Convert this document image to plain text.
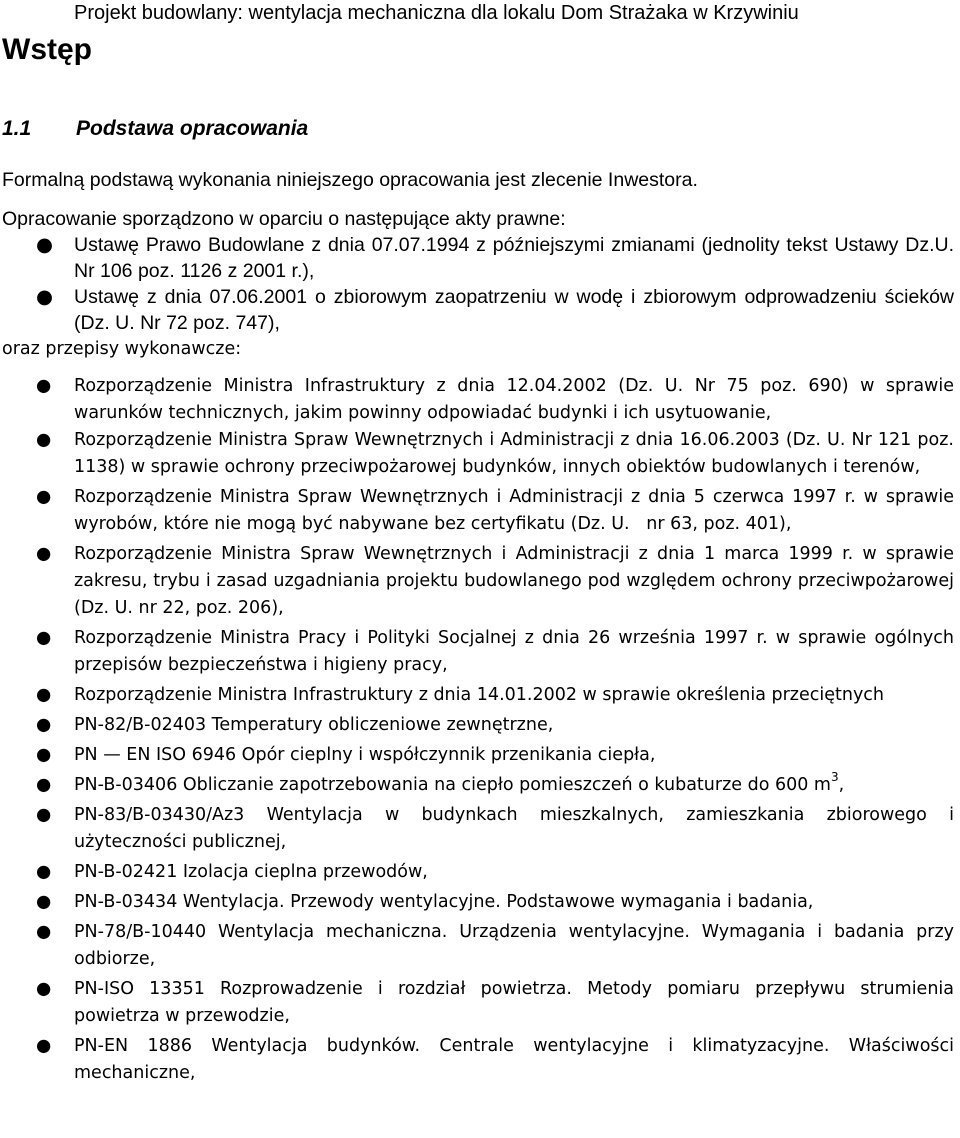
Projekt budowlany: wentylacja mechaniczna dla lokalu Dom Strażaka w Krzywiniu
Wstęp
1.1 Podstawa opracowania

Formalną podstawą wykonania niniejszego opracowania jest zlecenie Inwestora.

Opracowanie sporządzono w oparciu o następujące akty prawne:

● Ustawę Prawo Budowlane z dnia 07.07.1994 z późniejszymi zmianami (jednolity tekst Ustawy Dz.U. Nr 106 poz. 1126 z 2001 r.),
● Ustawę z dnia 07.06.2001 o zbiorowym zaopatrzeniu w wodę i zbiorowym odprowadzeniu ścieków (Dz. U. Nr 72 poz. 747),

oraz przepisy wykonawcze:

● Rozporządzenie Ministra Infrastruktury z dnia 12.04.2002 (Dz. U. Nr 75 poz. 690) w sprawie warunków technicznych, jakim powinny odpowiadać budynki i ich usytuowanie,
● Rozporządzenie Ministra Spraw Wewnętrznych i Administracji z dnia 16.06.2003 (Dz. U. Nr 121 poz. 1138) w sprawie ochrony przeciwpożarowej budynków, innych obiektów budowlanych i terenów,
● Rozporządzenie Ministra Spraw Wewnętrznych i Administracji z dnia 5 czerwca 1997 r. w sprawie wyrobów, które nie mogą być nabywane bez certyfikatu (Dz. U.   nr 63, poz. 401),
● Rozporządzenie Ministra Spraw Wewnętrznych i Administracji z dnia 1 marca 1999 r. w sprawie zakresu, trybu i zasad uzgadniania projektu budowlanego pod względem ochrony przeciwpożarowej (Dz. U. nr 22, poz. 206),
● Rozporządzenie Ministra Pracy i Polityki Socjalnej z dnia 26 września 1997 r. w sprawie ogólnych przepisów bezpieczeństwa i higieny pracy,
● Rozporządzenie Ministra Infrastruktury z dnia 14.01.2002 w sprawie określenia przeciętnych
● PN-82/B-02403 Temperatury obliczeniowe zewnętrzne,
● PN — EN ISO 6946 Opór cieplny i współczynnik przenikania ciepła,
● PN-B-03406 Obliczanie zapotrzebowania na ciepło pomieszczeń o kubaturze do 600 $m^3$,
● PN-83/B-03430/Az3 Wentylacja w budynkach mieszkalnych, zamieszkania zbiorowego i użyteczności publicznej,
● PN-B-02421 Izolacja cieplna przewodów,
● PN-B-03434 Wentylacja. Przewody wentylacyjne. Podstawowe wymagania i badania,
● PN-78/B-10440 Wentylacja mechaniczna. Urządzenia wentylacyjne. Wymagania i badania przy odbiorze,
● PN-ISO 13351 Rozprowadzenie i rozdział powietrza. Metody pomiaru przepływu strumienia powietrza w przewodzie,
● PN-EN 1886 Wentylacja budynków. Centrale wentylacyjne i klimatyzacyjne. Właściwości mechaniczne,
